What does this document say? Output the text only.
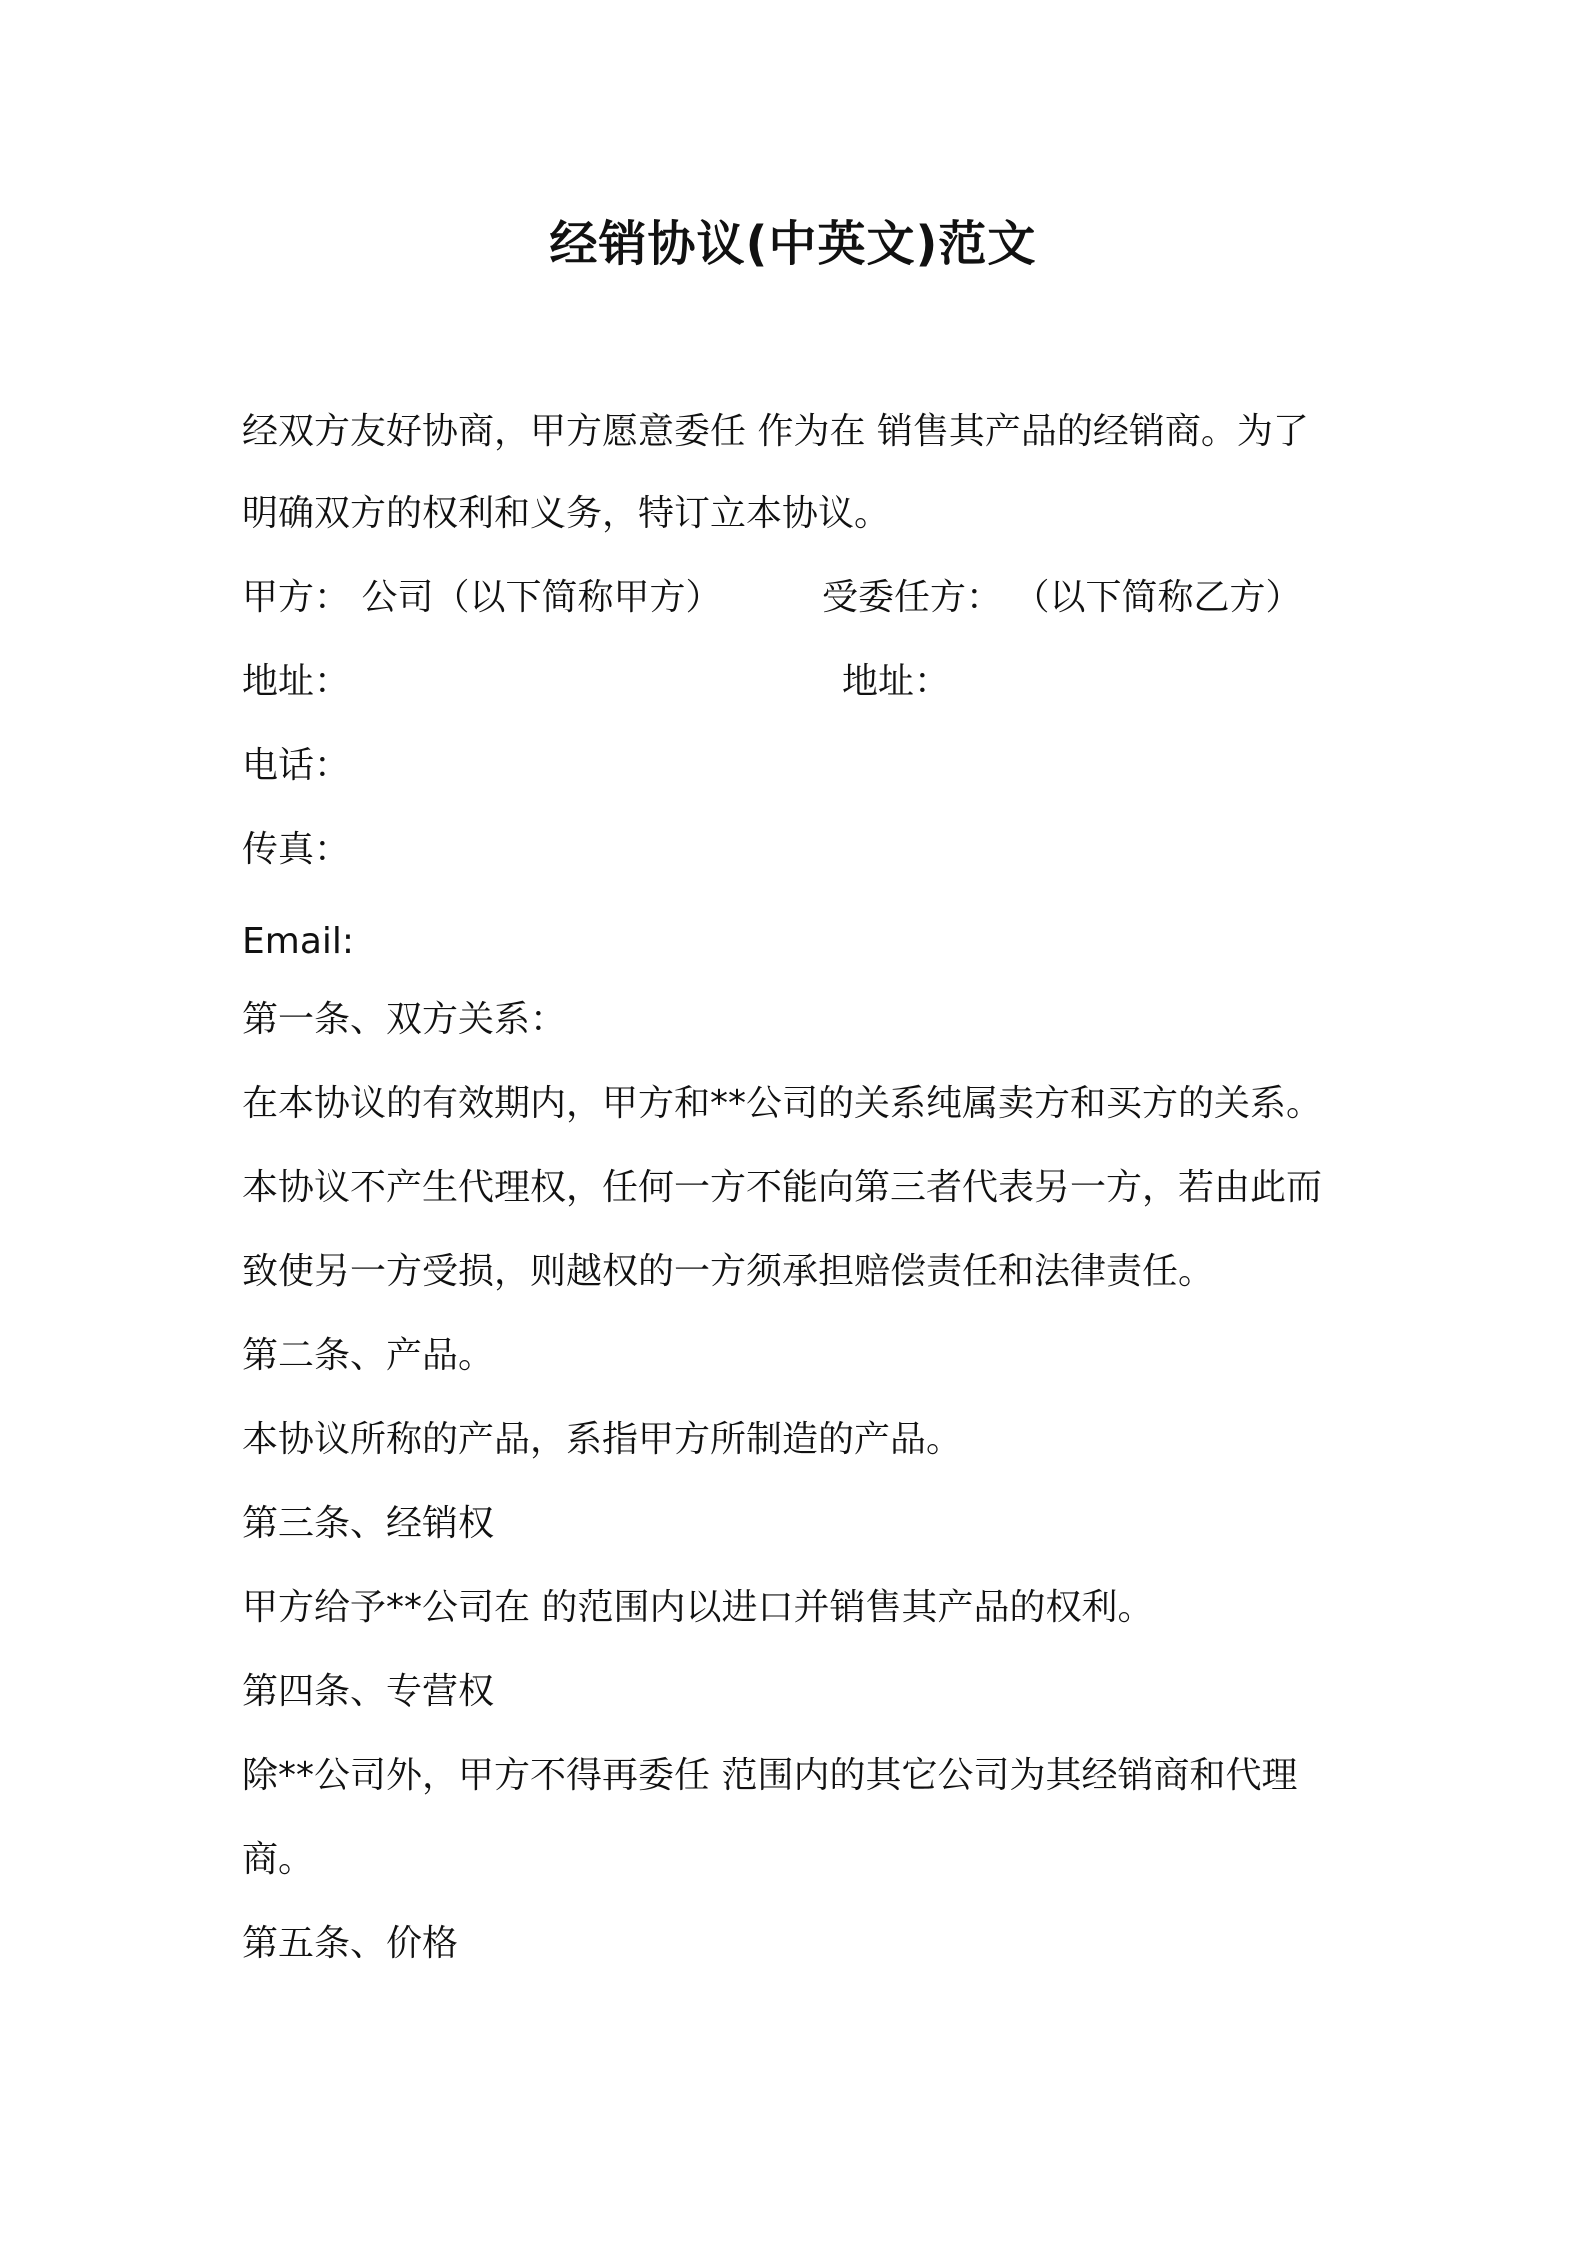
经销协议(中英文)范文
经双方友好协商，甲方愿意委任 作为在 销售其产品的经销商。为了
明确双方的权利和义务，特订立本协议。
甲方： 公司（以下简称甲方）	受委任方： （以下简称乙方）
地址：	地址：
电话：
传真：
Email:
第一条、双方关系：
在本协议的有效期内，甲方和**公司的关系纯属卖方和买方的关系。
本协议不产生代理权，任何一方不能向第三者代表另一方，若由此而
致使另一方受损，则越权的一方须承担赔偿责任和法律责任。
第二条、产品。
本协议所称的产品，系指甲方所制造的产品。
第三条、经销权
甲方给予**公司在 的范围内以进口并销售其产品的权利。
第四条、专营权
除**公司外，甲方不得再委任 范围内的其它公司为其经销商和代理
商。
第五条、价格
